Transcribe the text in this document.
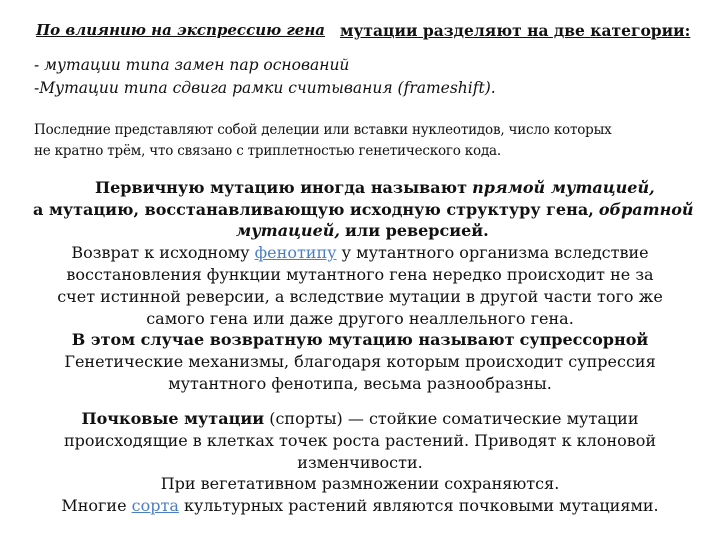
По влиянию на экспрессию гена мутации разделяют на две категории:
- мутации типа замен пар оснований
-Мутации типа сдвига рамки считывания (frameshift).
Последние представляют собой делеции или вставки нуклеотидов, число которых
не кратно трём, что связано с триплетностью генетического кода.
Первичную мутацию иногда называют прямой мутацией,
а мутацию, восстанавливающую исходную структуру гена, обратной
мутацией, или реверсией.
Возврат к исходному фенотипу у мутантного организма вследствие
восстановления функции мутантного гена нередко происходит не за
счет истинной реверсии, а вследствие мутации в другой части того же
самого гена или даже другого неаллельного гена.
В этом случае возвратную мутацию называют супрессорной
Генетические механизмы, благодаря которым происходит супрессия
мутантного фенотипа, весьма разнообразны.
Почковые мутации (спорты) — стойкие соматические мутации
происходящие в клетках точек роста растений. Приводят к клоновой
изменчивости.
При вегетативном размножении сохраняются.
Многие сорта культурных растений являются почковыми мутациями.
